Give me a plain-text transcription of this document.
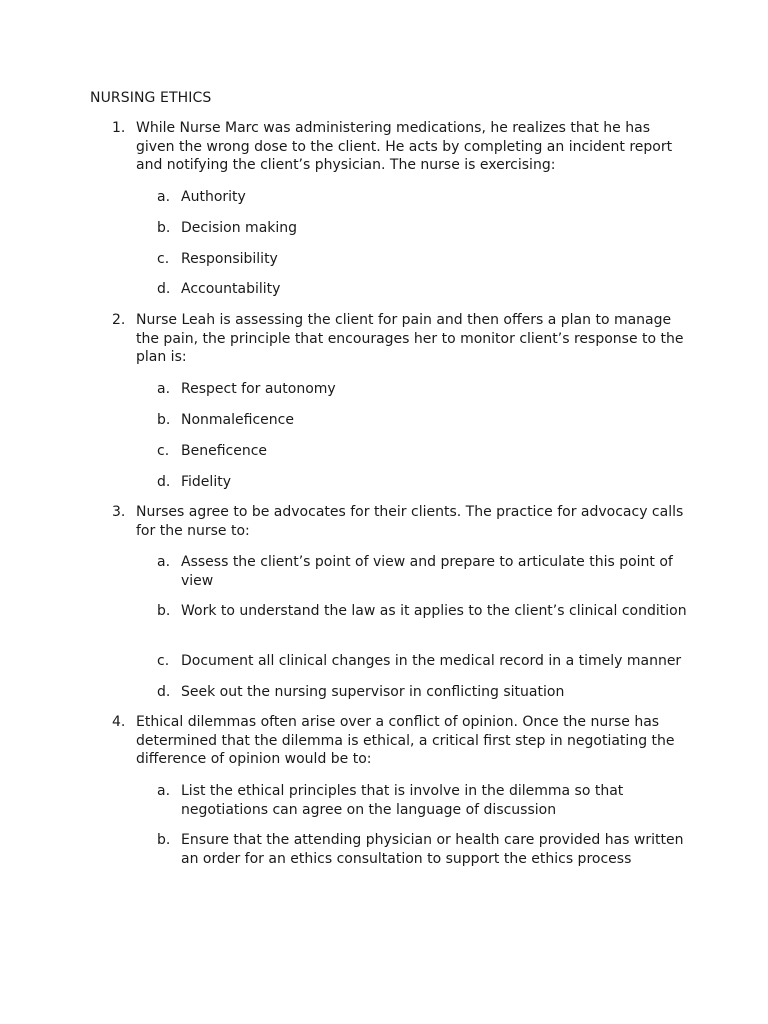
NURSING ETHICS
1. While Nurse Marc was administering medications, he realizes that he has given the wrong dose to the client. He acts by completing an incident report and notifying the client’s physician. The nurse is exercising:
a. Authority
b. Decision making
c. Responsibility
d. Accountability
2. Nurse Leah is assessing the client for pain and then offers a plan to manage the pain, the principle that encourages her to monitor client’s response to the plan is:
a. Respect for autonomy
b. Nonmaleficence
c. Beneficence
d. Fidelity
3. Nurses agree to be advocates for their clients. The practice for advocacy calls for the nurse to:
a. Assess the client’s point of view and prepare to articulate this point of view
b. Work to understand the law as it applies to the client’s clinical condition
c. Document all clinical changes in the medical record in a timely manner
d. Seek out the nursing supervisor in conflicting situation
4. Ethical dilemmas often arise over a conflict of opinion. Once the nurse has determined that the dilemma is ethical, a critical first step in negotiating the difference of opinion would be to:
a. List the ethical principles that is involve in the dilemma so that negotiations can agree on the language of discussion
b. Ensure that the attending physician or health care provided has written an order for an ethics consultation to support the ethics process
